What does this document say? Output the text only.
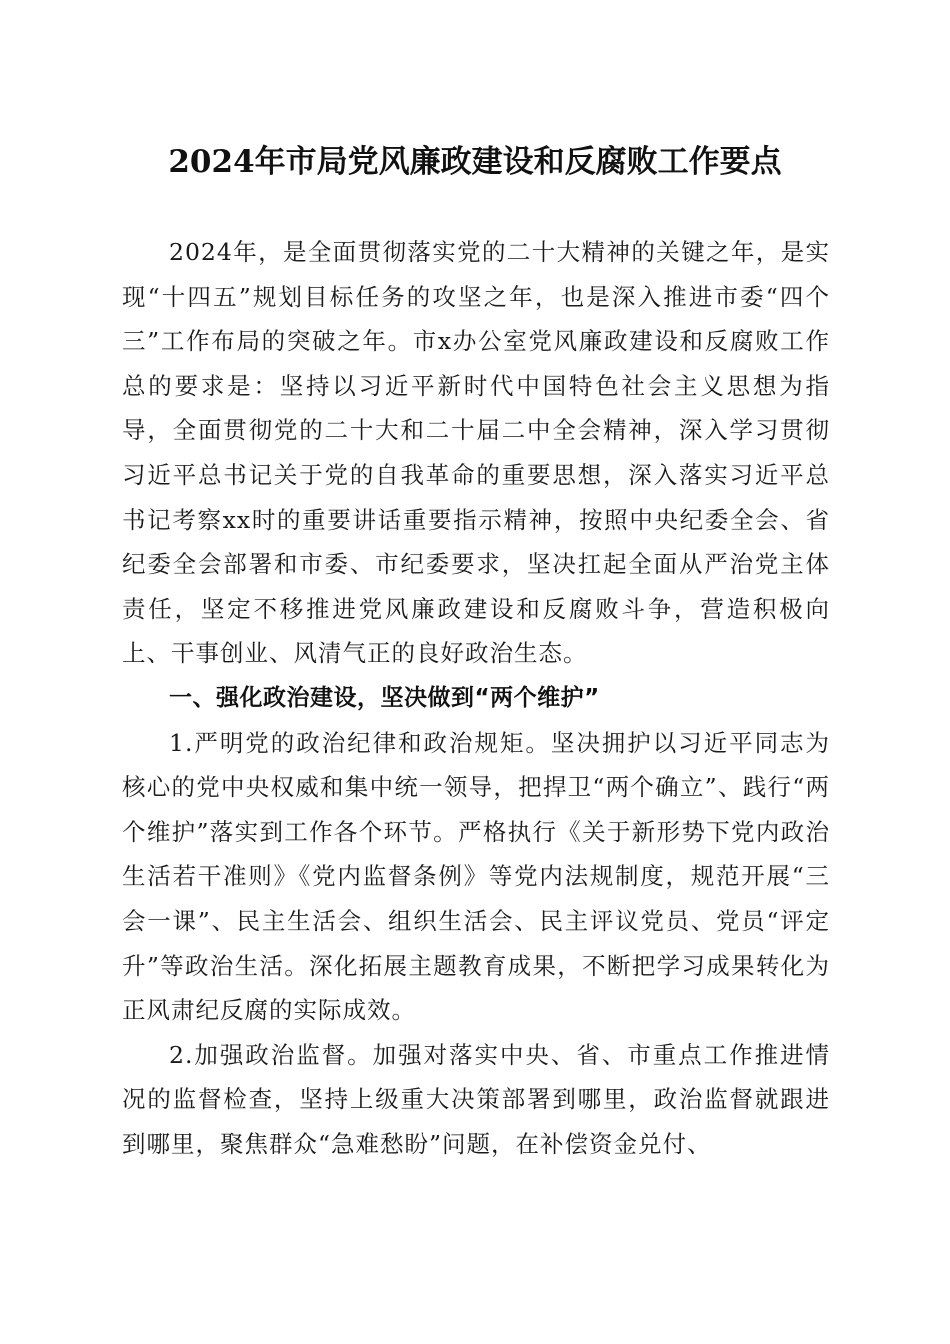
2024年市局党风廉政建设和反腐败工作要点

2024年，是全面贯彻落实党的二十大精神的关键之年，是实现“十四五”规划目标任务的攻坚之年，也是深入推进市委“四个三”工作布局的突破之年。市x办公室党风廉政建设和反腐败工作总的要求是：坚持以习近平新时代中国特色社会主义思想为指导，全面贯彻党的二十大和二十届二中全会精神，深入学习贯彻习近平总书记关于党的自我革命的重要思想，深入落实习近平总书记考察xx时的重要讲话重要指示精神，按照中央纪委全会、省纪委全会部署和市委、市纪委要求，坚决扛起全面从严治党主体责任，坚定不移推进党风廉政建设和反腐败斗争，营造积极向上、干事创业、风清气正的良好政治生态。

一、强化政治建设，坚决做到“两个维护”

1.严明党的政治纪律和政治规矩。坚决拥护以习近平同志为核心的党中央权威和集中统一领导，把捍卫“两个确立”、践行“两个维护”落实到工作各个环节。严格执行《关于新形势下党内政治生活若干准则》《党内监督条例》等党内法规制度，规范开展“三会一课”、民主生活会、组织生活会、民主评议党员、党员“评定升”等政治生活。深化拓展主题教育成果，不断把学习成果转化为正风肃纪反腐的实际成效。

2.加强政治监督。加强对落实中央、省、市重点工作推进情况的监督检查，坚持上级重大决策部署到哪里，政治监督就跟进到哪里，聚焦群众“急难愁盼”问题，在补偿资金兑付、
